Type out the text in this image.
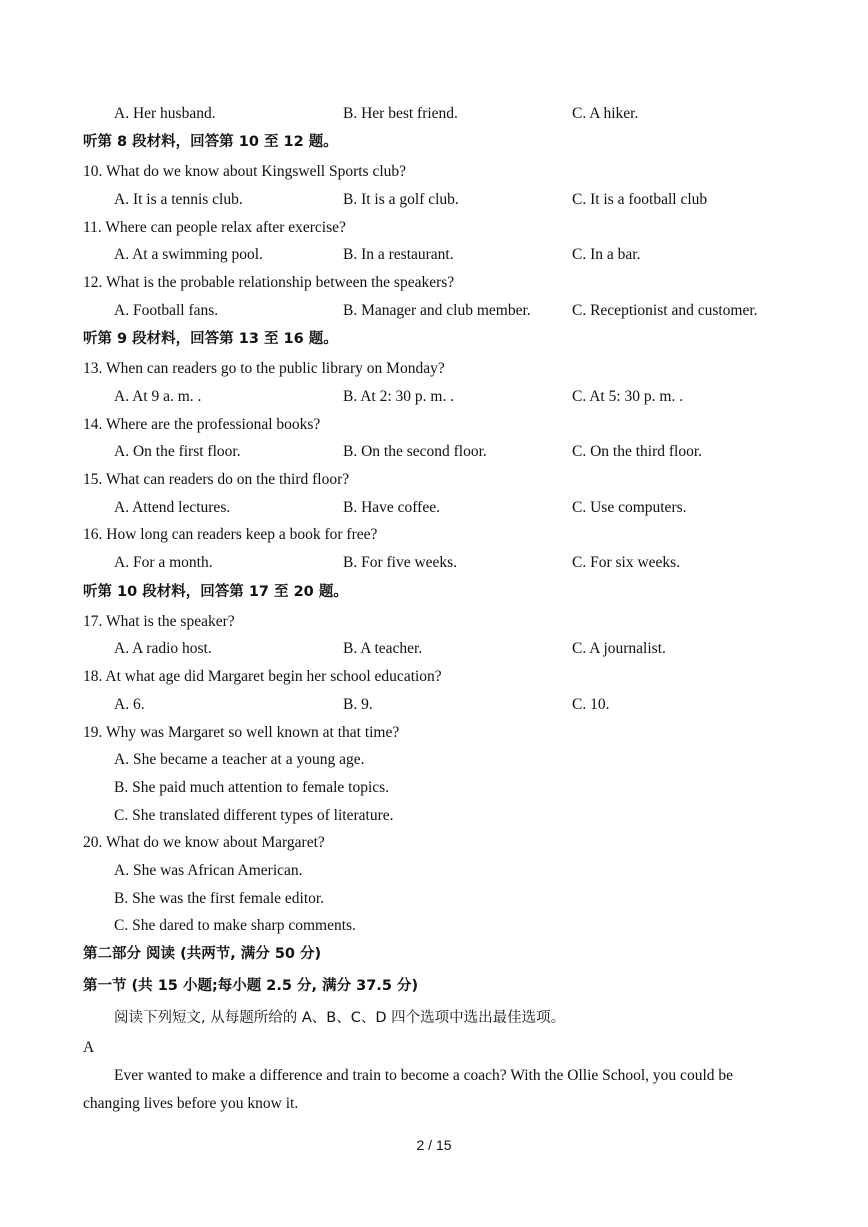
A. Her husband.	B. Her best friend.	C. A hiker.
听第 8 段材料，回答第 10 至 12 题。
10. What do we know about Kingswell Sports club?
A. It is a tennis club.	B. It is a golf club.	C. It is a football club
11. Where can people relax after exercise?
A. At a swimming pool.	B. In a restaurant.	C. In a bar.
12. What is the probable relationship between the speakers?
A. Football fans.	B. Manager and club member.	C. Receptionist and customer.
听第 9 段材料，回答第 13 至 16 题。
13. When can readers go to the public library on Monday?
A. At 9 a. m. .	B. At 2: 30 p. m. .	C. At 5: 30 p. m. .
14. Where are the professional books?
A. On the first floor.	B. On the second floor.	C. On the third floor.
15. What can readers do on the third floor?
A. Attend lectures.	B. Have coffee.	C. Use computers.
16. How long can readers keep a book for free?
A. For a month.	B. For five weeks.	C. For six weeks.
听第 10 段材料，回答第 17 至 20 题。
17. What is the speaker?
A. A radio host.	B. A teacher.	C. A journalist.
18. At what age did Margaret begin her school education?
A. 6.	B. 9.	C. 10.
19. Why was Margaret so well known at that time?
A. She became a teacher at a young age.
B. She paid much attention to female topics.
C. She translated different types of literature.
20. What do we know about Margaret?
A. She was African American.
B. She was the first female editor.
C. She dared to make sharp comments.
第二部分 阅读 (共两节, 满分 50 分)
第一节 (共 15 小题;每小题 2.5 分, 满分 37.5 分)
阅读下列短文, 从每题所给的 A、B、C、D 四个选项中选出最佳选项。
A
Ever wanted to make a difference and train to become a coach? With the Ollie School, you could be
changing lives before you know it.
2 / 15
